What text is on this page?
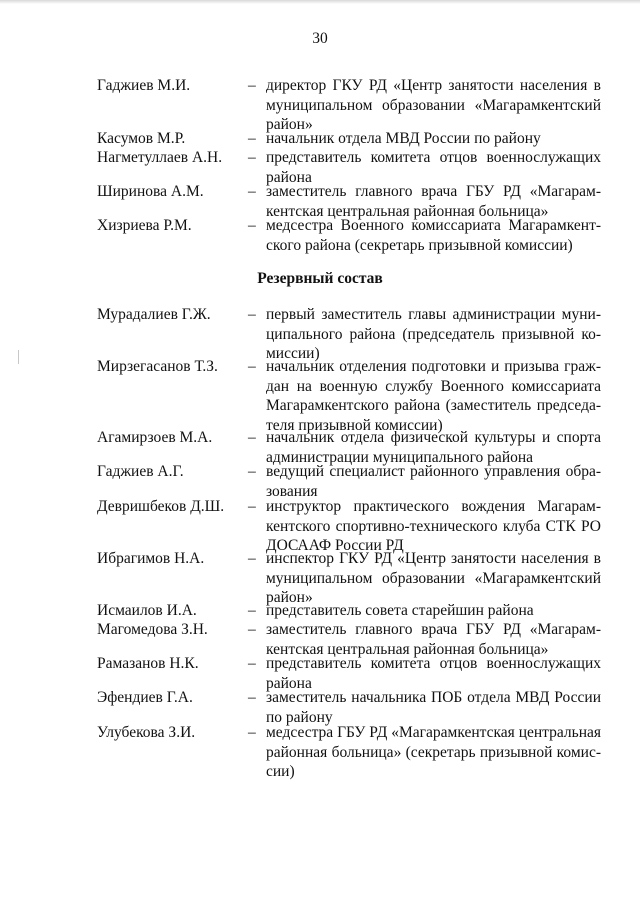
30
Гаджиев М.И.	– директор ГКУ РД «Центр занятости населения в
муниципальном образовании «Магарамкентский
район»
Касумов М.Р.	– начальник отдела МВД России по району
Нагметуллаев А.Н. – представитель комитета отцов военнослужащих
района
Ширинова А.М.	– заместитель главного врача ГБУ РД «Магарам-
кентская центральная районная больница»
Хизриева Р.М.	– медсестра Военного комиссариата Магарамкент-
ского района (секретарь призывной комиссии)
Резервный состав
Мурадалиев Г.Ж. – первый заместитель главы администрации муни-
ципального района (председатель призывной ко-
миссии)
Мирзегасанов Т.З. – начальник отделения подготовки и призыва граж-
дан на военную службу Военного комиссариата
Магарамкентского района (заместитель председа-
теля призывной комиссии)
Агамирзоев М.А. – начальник отдела физической культуры и спорта
администрации муниципального района
Гаджиев А.Г.	– ведущий специалист районного управления обра-
зования
Девришбеков Д.Ш. – инструктор практического вождения Магарам-
кентского спортивно-технического клуба СТК РО
ДОСААФ России РД
Ибрагимов Н.А.	– инспектор ГКУ РД «Центр занятости населения в
муниципальном образовании «Магарамкентский
район»
Исмаилов И.А.	– представитель совета старейшин района
Магомедова З.Н.	– заместитель главного врача ГБУ РД «Магарам-
кентская центральная районная больница»
Рамазанов Н.К.	– представитель комитета отцов военнослужащих
района
Эфендиев Г.А.	– заместитель начальника ПОБ отдела МВД России
по району
Улубекова З.И.	– медсестра ГБУ РД «Магарамкентская центральная
районная больница» (секретарь призывной комис-
сии)
